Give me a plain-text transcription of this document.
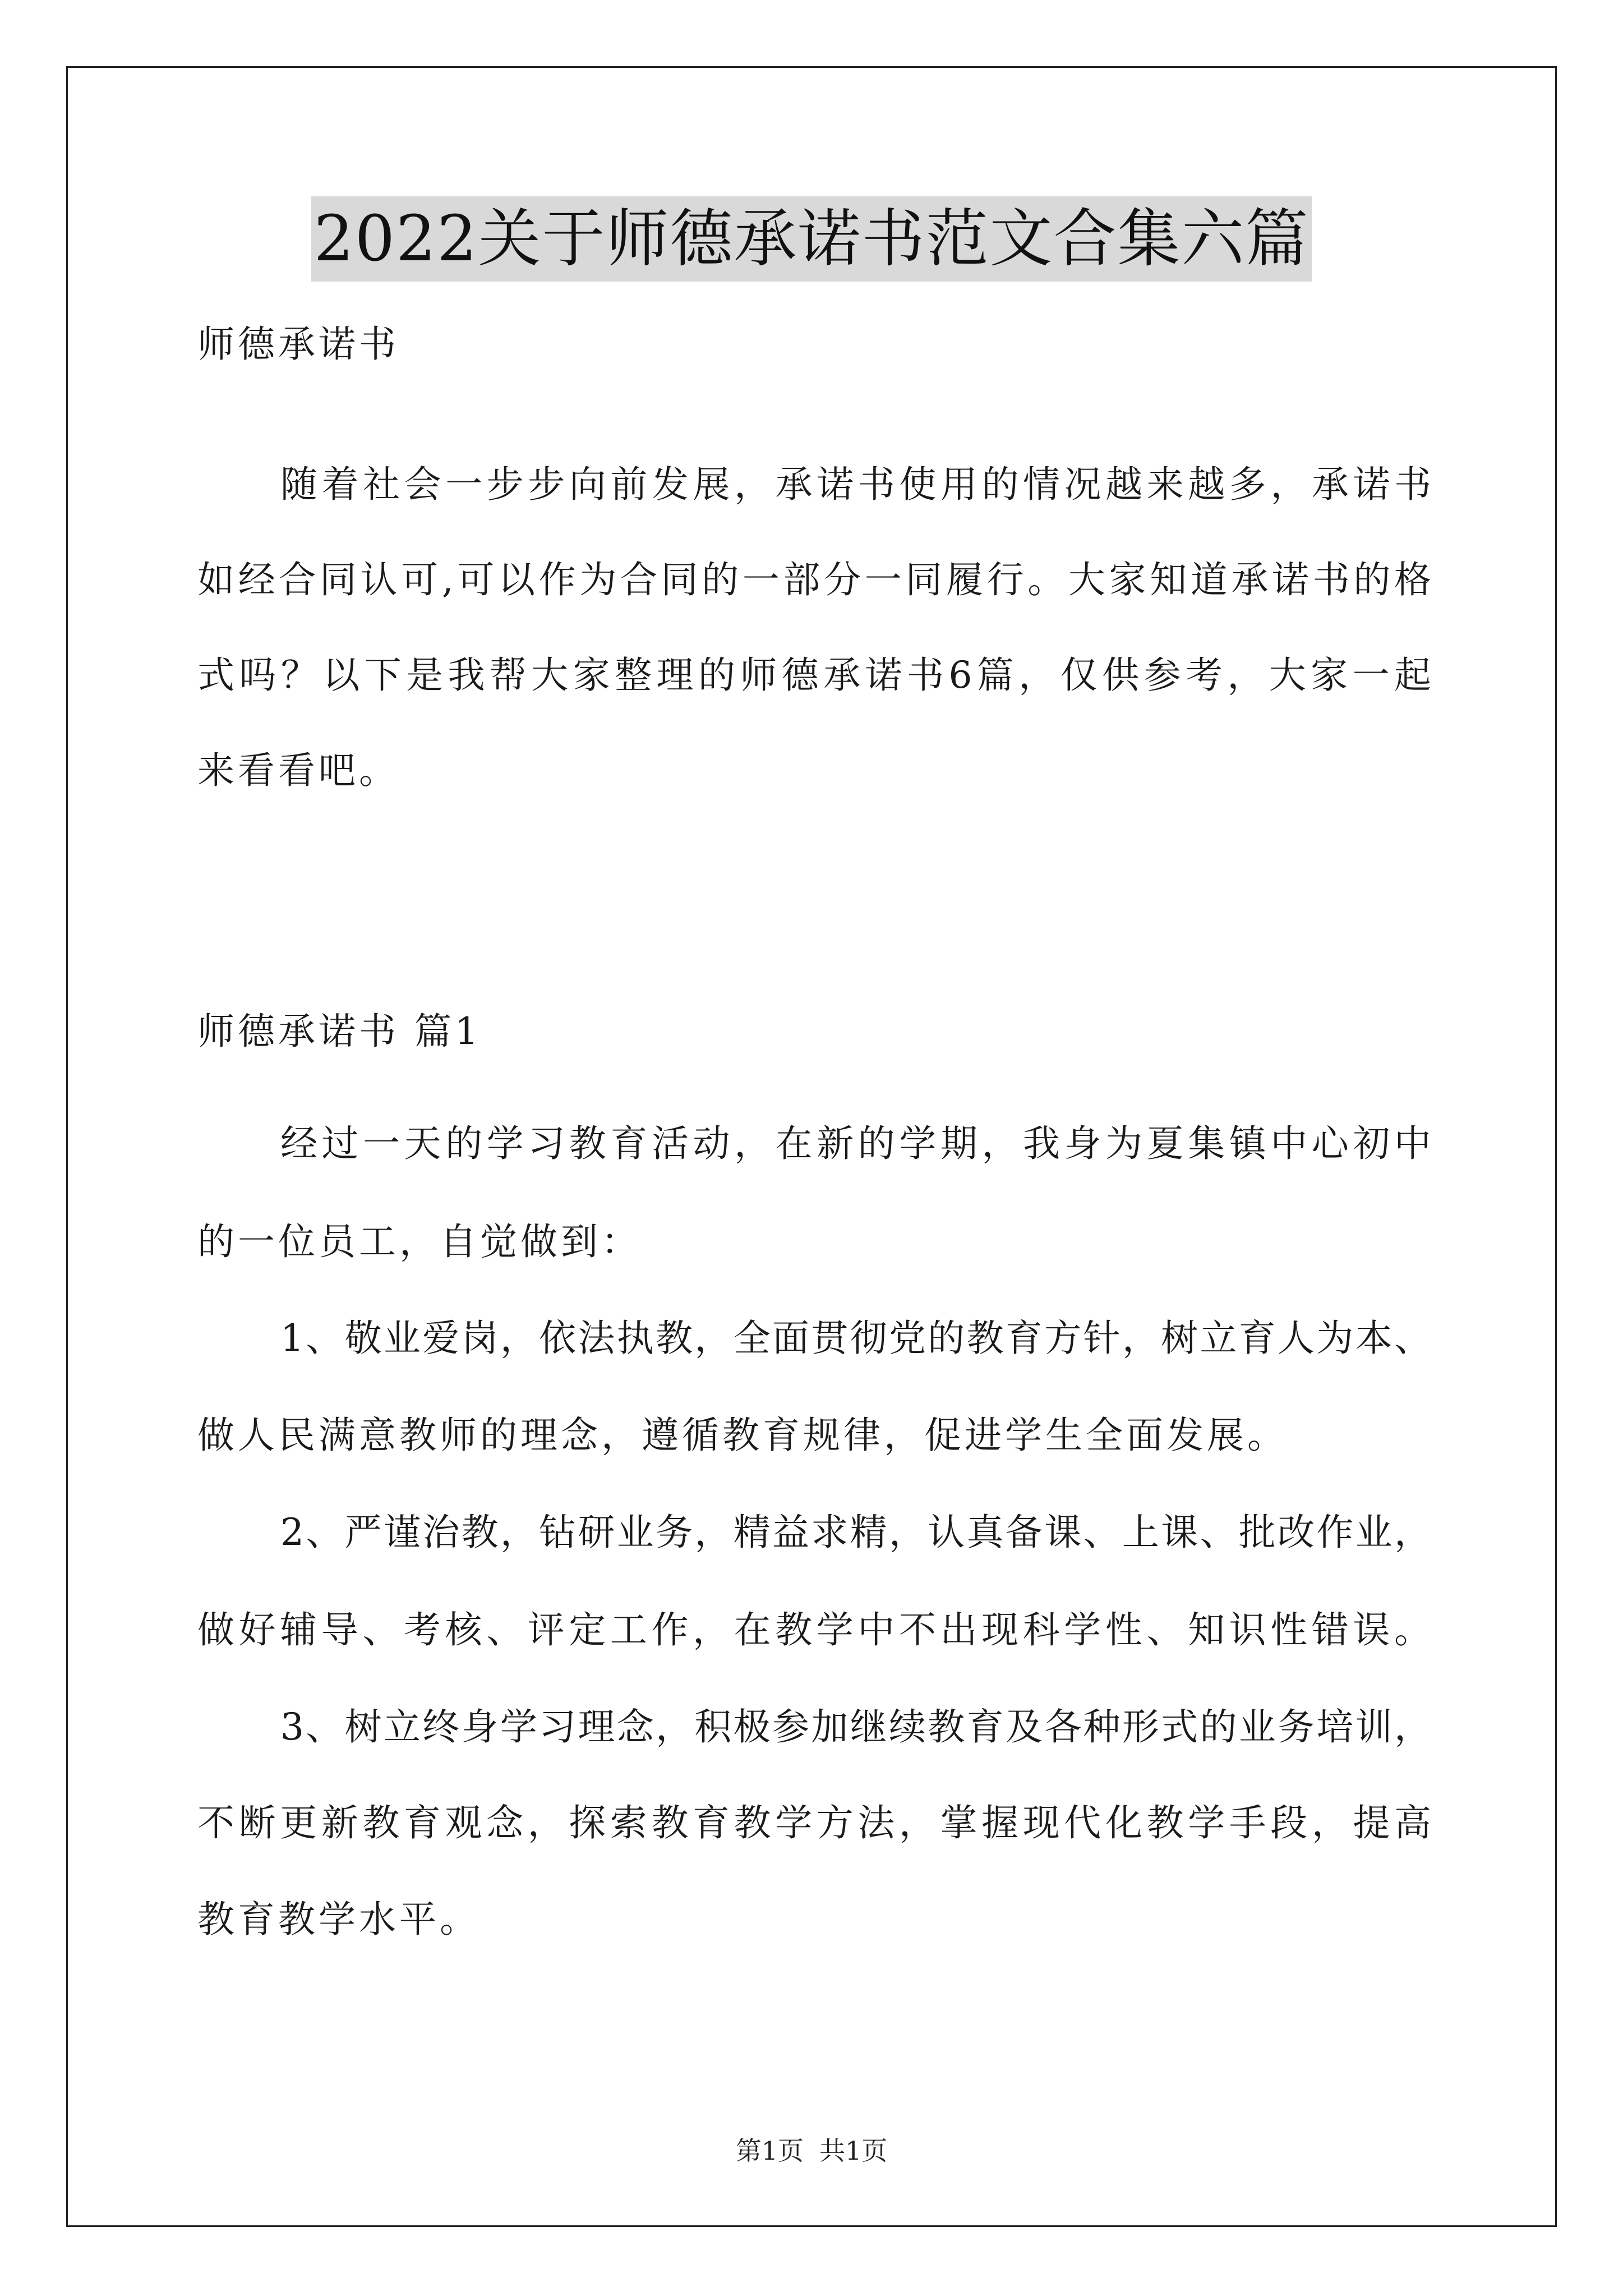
2022关于师德承诺书范文合集六篇
师德承诺书
随着社会一步步向前发展，承诺书使用的情况越来越多，承诺书
如经合同认可,可以作为合同的一部分一同履行。大家知道承诺书的格
式吗？以下是我帮大家整理的师德承诺书6篇，仅供参考，大家一起
来看看吧。
师德承诺书 篇1
经过一天的学习教育活动，在新的学期，我身为夏集镇中心初中
的一位员工，自觉做到：
1、敬业爱岗，依法执教，全面贯彻党的教育方针，树立育人为本、
做人民满意教师的理念，遵循教育规律，促进学生全面发展。
2、严谨治教，钻研业务，精益求精，认真备课、上课、批改作业，
做好辅导、考核、评定工作，在教学中不出现科学性、知识性错误。
3、树立终身学习理念，积极参加继续教育及各种形式的业务培训，
不断更新教育观念，探索教育教学方法，掌握现代化教学手段，提高
教育教学水平。
第1页 共1页
